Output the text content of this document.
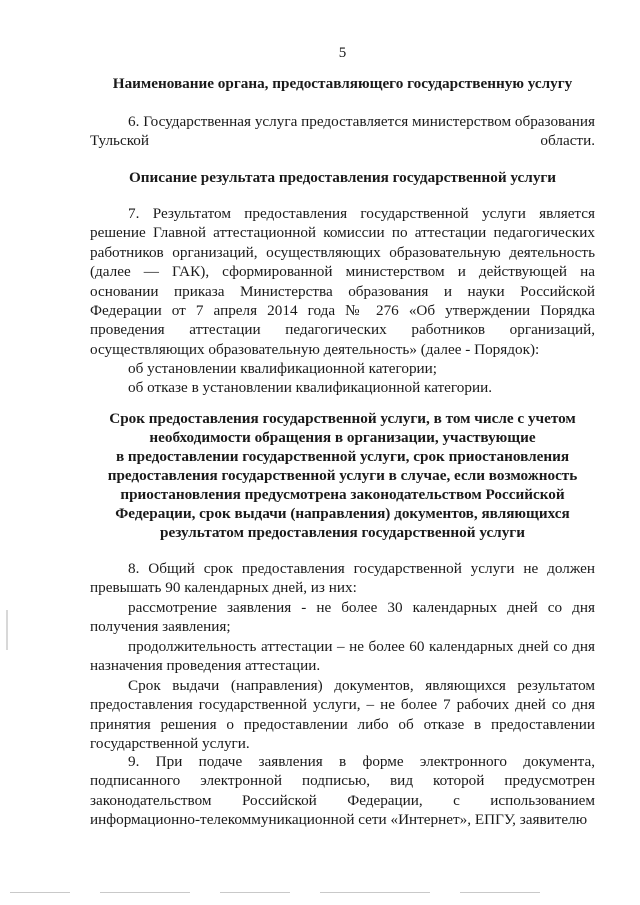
5
Наименование органа, предоставляющего государственную услугу
6. Государственная услуга предоставляется министерством образования Тульской области.
Описание результата предоставления государственной услуги
7. Результатом предоставления государственной услуги является решение Главной аттестационной комиссии по аттестации педагогических работников организаций, осуществляющих образовательную деятельность (далее — ГАК), сформированной министерством и действующей на основании приказа Министерства образования и науки Российской Федерации от 7 апреля 2014 года № 276 «Об утверждении Порядка проведения аттестации педагогических работников организаций, осуществляющих образовательную деятельность» (далее - Порядок):
об установлении квалификационной категории;
об отказе в установлении квалификационной категории.
Срок предоставления государственной услуги, в том числе с учетом
необходимости обращения в организации, участвующие
в предоставлении государственной услуги, срок приостановления
предоставления государственной услуги в случае, если возможность
приостановления предусмотрена законодательством Российской
Федерации, срок выдачи (направления) документов, являющихся
результатом предоставления государственной услуги
8. Общий срок предоставления государственной услуги не должен превышать 90 календарных дней, из них:
рассмотрение заявления - не более 30 календарных дней со дня получения заявления;
продолжительность аттестации – не более 60 календарных дней со дня назначения проведения аттестации.
Срок выдачи (направления) документов, являющихся результатом предоставления государственной услуги, – не более 7 рабочих дней со дня принятия решения о предоставлении либо об отказе в предоставлении государственной услуги.
9. При подаче заявления в форме электронного документа, подписанного электронной подписью, вид которой предусмотрен законодательством Российской Федерации, с использованием информационно-телекоммуникационной сети «Интернет», ЕПГУ, заявителю
